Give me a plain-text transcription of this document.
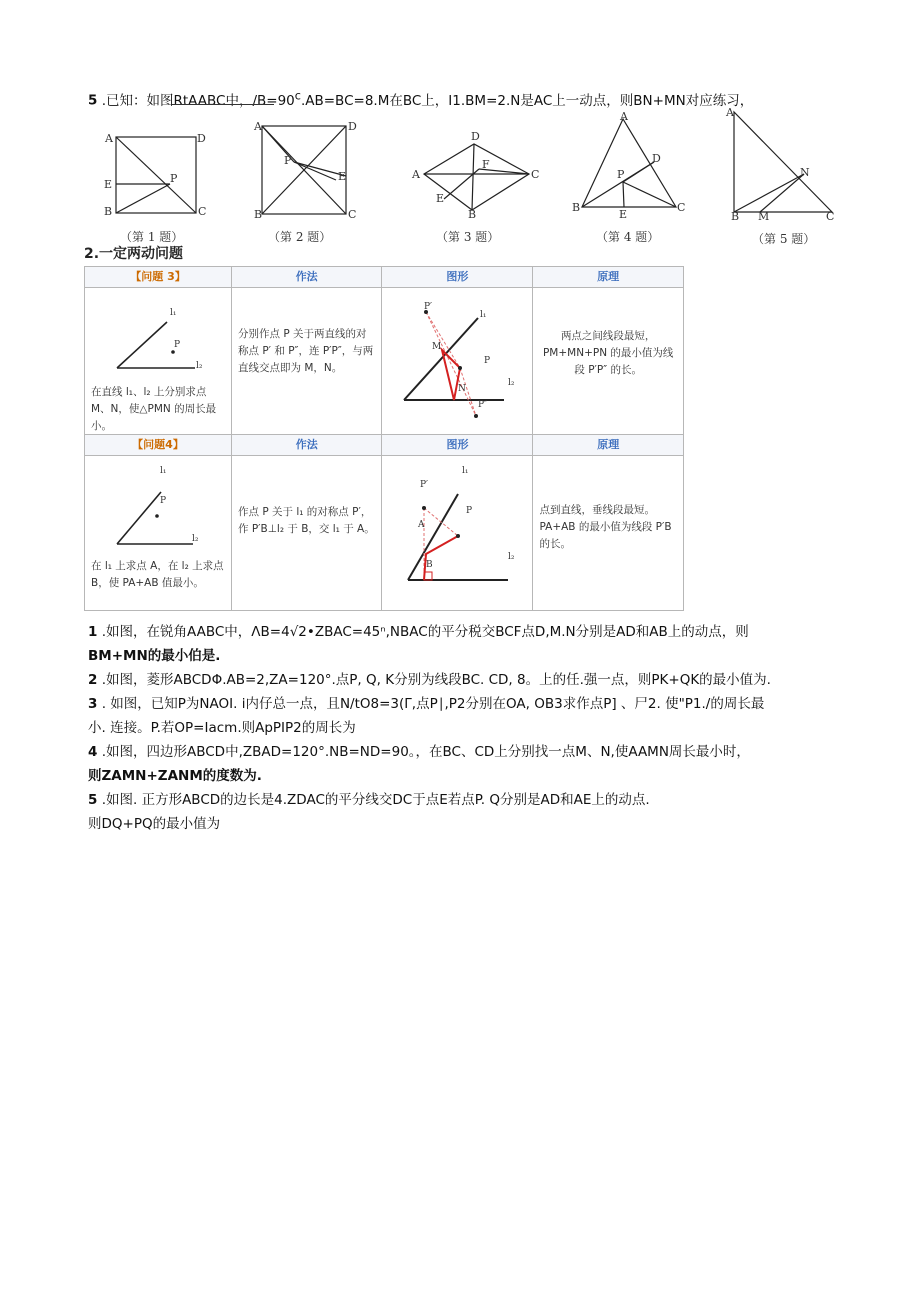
5 .已知：如图RtAABC中，$/B=90^c.AB=BC=8.M$在BC上，I1.BM=2.N是AC上一动点，则BN+MN对应练习，
A	D
E	P
B	C
A	D
P
E
B	C
D
F
A	C
E
B
A
D
P
B
E
C
A
N
B M	C
（第 1 题）	（第 2 题）	（第 3 题）	（第 4 题）	（第 5 题）
2.一定两动问题
【问题 3】	作法	图形	原理

在直线 l₁、l₂ 上分别求点 M、N，使△PMN 的周长最小。	分别作点 P 关于两直线的对称点 P′ 和 P″，连 P′P″，与两直线交点即为 M，N。		两点之间线段最短，PM+MN+PN 的最小值为线段 P′P″ 的长。
【问题4】	作法	图形	原理

在 l₁ 上求点 A，在 l₂ 上求点 B，使 PA+AB 值最小。	作点 P 关于 l₁ 的对称点 P′，作 P′B⊥l₂ 于 B，交 l₁ 于 A。		点到直线，垂线段最短。PA+AB 的最小值为线段 P′B 的长。
l₁
l₂
P
P′
M
P
N
l₂
P″
l₁
l₁
P
l₂
P′
l₁
P
A
B
l₂
1 .如图，在锐角AABC中，ΛB=4√2•ZBAC=45ⁿ,NBAC的平分税交BCF点D,M.N分别是AD和AB上的动点，则
BM+MN的最小伯是.
2 .如图，菱形ABCDΦ.AB=2,ZA=120°.点P, Q, K分别为线段BC. CD, 8。上的任.强一点，则PK+QK的最小值为.
3 . 如图，已知P为NAOI. i内仔总一点，且N/tO8=3(Γ,点P∣,P2分别在OA, OB3求作点P] 、尸2. 使"P1./的周长最
小. 连接。P.若OP=Iacm.则ApPIP2的周长为
4 .如图，四边形ABCD中,ZBAD=120°.NB=ND=90。，在BC、CD上分别找一点M、N,使AAMN周长最小时，
则ZAMN+ZANM的度数为.
5 .如图. 正方形ABCD的边长是4.ZDAC的平分线交DC于点E若点P. Q分别是AD和AE上的动点.
则DQ+PQ的最小值为
